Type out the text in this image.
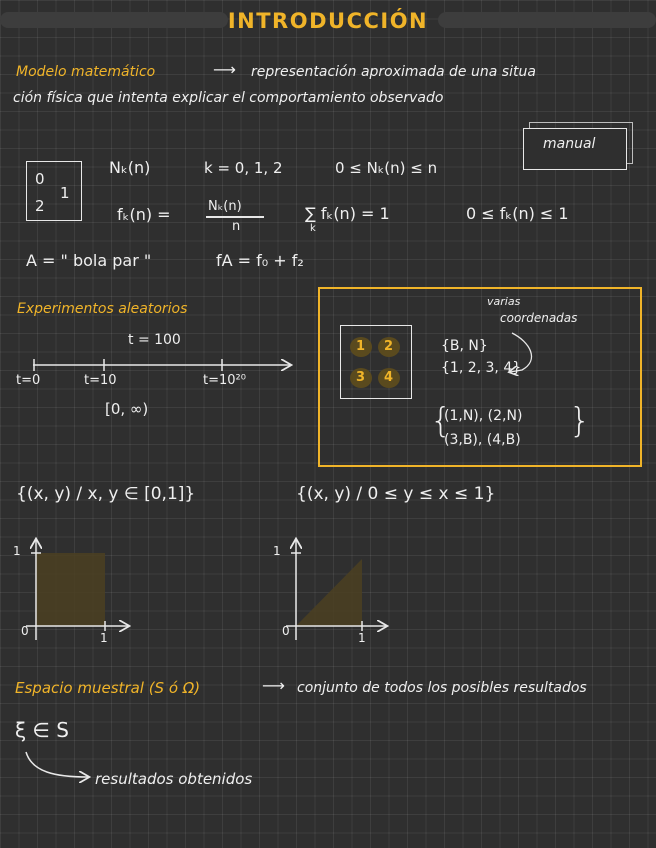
INTRODUCCIÓN
Modelo matemático	⟶ representación aproximada de una situa
ción física que intenta explicar el comportamiento observado
manual
0
1
2
Nₖ(n)	k = 0, 1, 2	0 ≤ Nₖ(n) ≤ n
fₖ(n) =	Nₖ(n)
n
∑ fₖ(n) = 1
k
0 ≤ fₖ(n) ≤ 1
A = " bola par "	fA = f₀ + f₂
Experimentos aleatorios
t = 100
t=0	t=10	t=10²⁰
[0, ∞)
varias
coordenadas
{B, N}
{1, 2, 3, 4}
(1,N), (2,N)
(3,B), (4,B)
{	}
1 2
3 4
{(x, y) / x, y ∈ [0,1]}	{(x, y) / 0 ≤ y ≤ x ≤ 1}
1
0	1
1
0	1
Espacio muestral (S ó Ω)	⟶ conjunto de todos los posibles resultados
ξ ∈ S
resultados obtenidos
